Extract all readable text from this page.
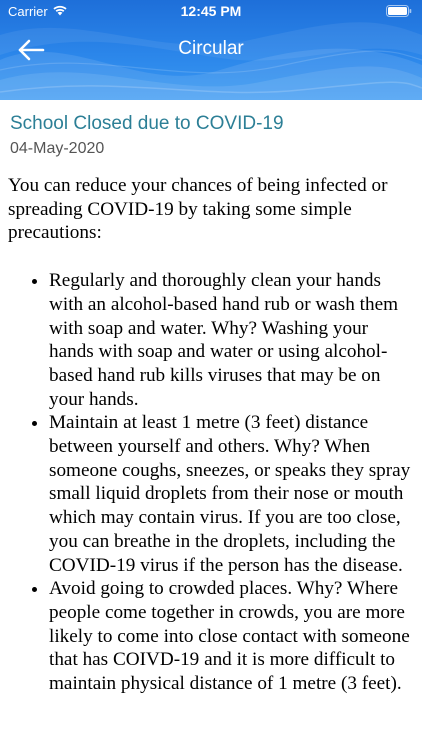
Carrier	12:45 PM
Circular
School Closed due to COVID-19
04-May-2020

You can reduce your chances of being infected or spreading COVID-19 by taking some simple precautions:

• Regularly and thoroughly clean your hands with an alcohol-based hand rub or wash them with soap and water. Why? Washing your hands with soap and water or using alcohol-based hand rub kills viruses that may be on your hands.
• Maintain at least 1 metre (3 feet) distance between yourself and others. Why? When someone coughs, sneezes, or speaks they spray small liquid droplets from their nose or mouth which may contain virus. If you are too close, you can breathe in the droplets, including the COVID-19 virus if the person has the disease.
• Avoid going to crowded places. Why? Where people come together in crowds, you are more likely to come into close contact with someone that has COIVD-19 and it is more difficult to maintain physical distance of 1 metre (3 feet).
